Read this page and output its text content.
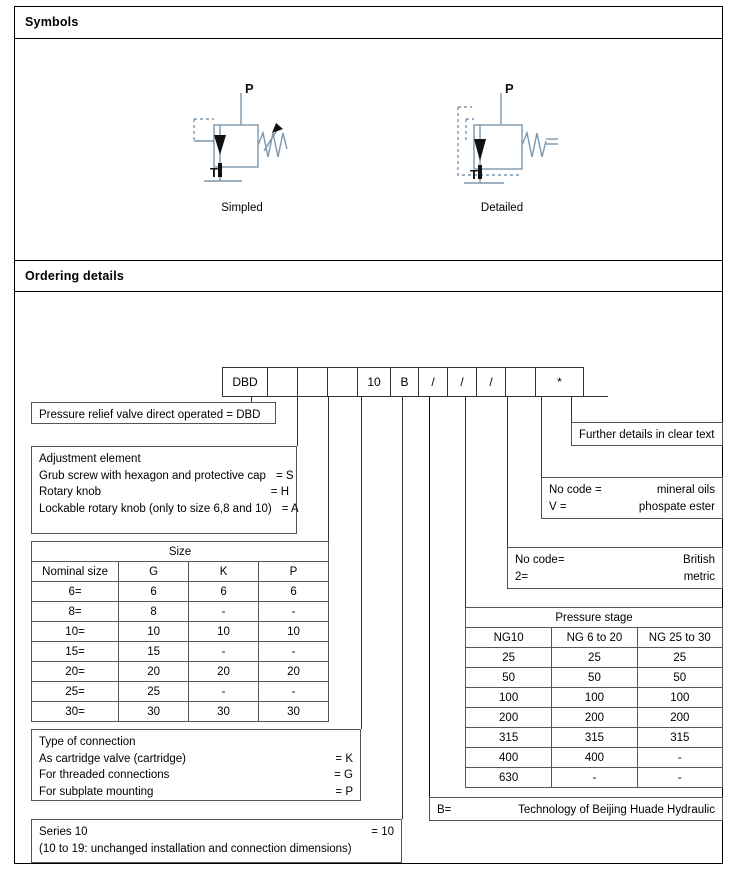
Symbols
P
T
Simpled
P
T
Detailed
Ordering details
DBD	10	B	/	/	/	*
Pressure relief valve direct operated = DBD
Adjustment element
Grub screw with hexagon and protective cap = S
Rotary knob	= H
Lockable rotary knob (only to size 6,8 and 10) = A
Size			
Nominal size	G	K	P
6=	6	6	6
8=	8	-	-
10=	10	10	10
15=	15	-	-
20=	20	20	20
25=	25	-	-
30=	30	30	30
Type of connection
As cartridge valve (cartridge)	= K
For threaded connections	= G
For subplate mounting	= P
Series 10	= 10
(10 to 19: unchanged installation and connection dimensions)
Further details in clear text
No code =	mineral oils
V =	phospate ester
No code=	British
2=	metric
Pressure stage		
NG10	NG 6 to 20	NG 25 to 30
25	25	25
50	50	50
100	100	100
200	200	200
315	315	315
400	400	-
630	-	-
B=	Technology of Beijing Huade Hydraulic
